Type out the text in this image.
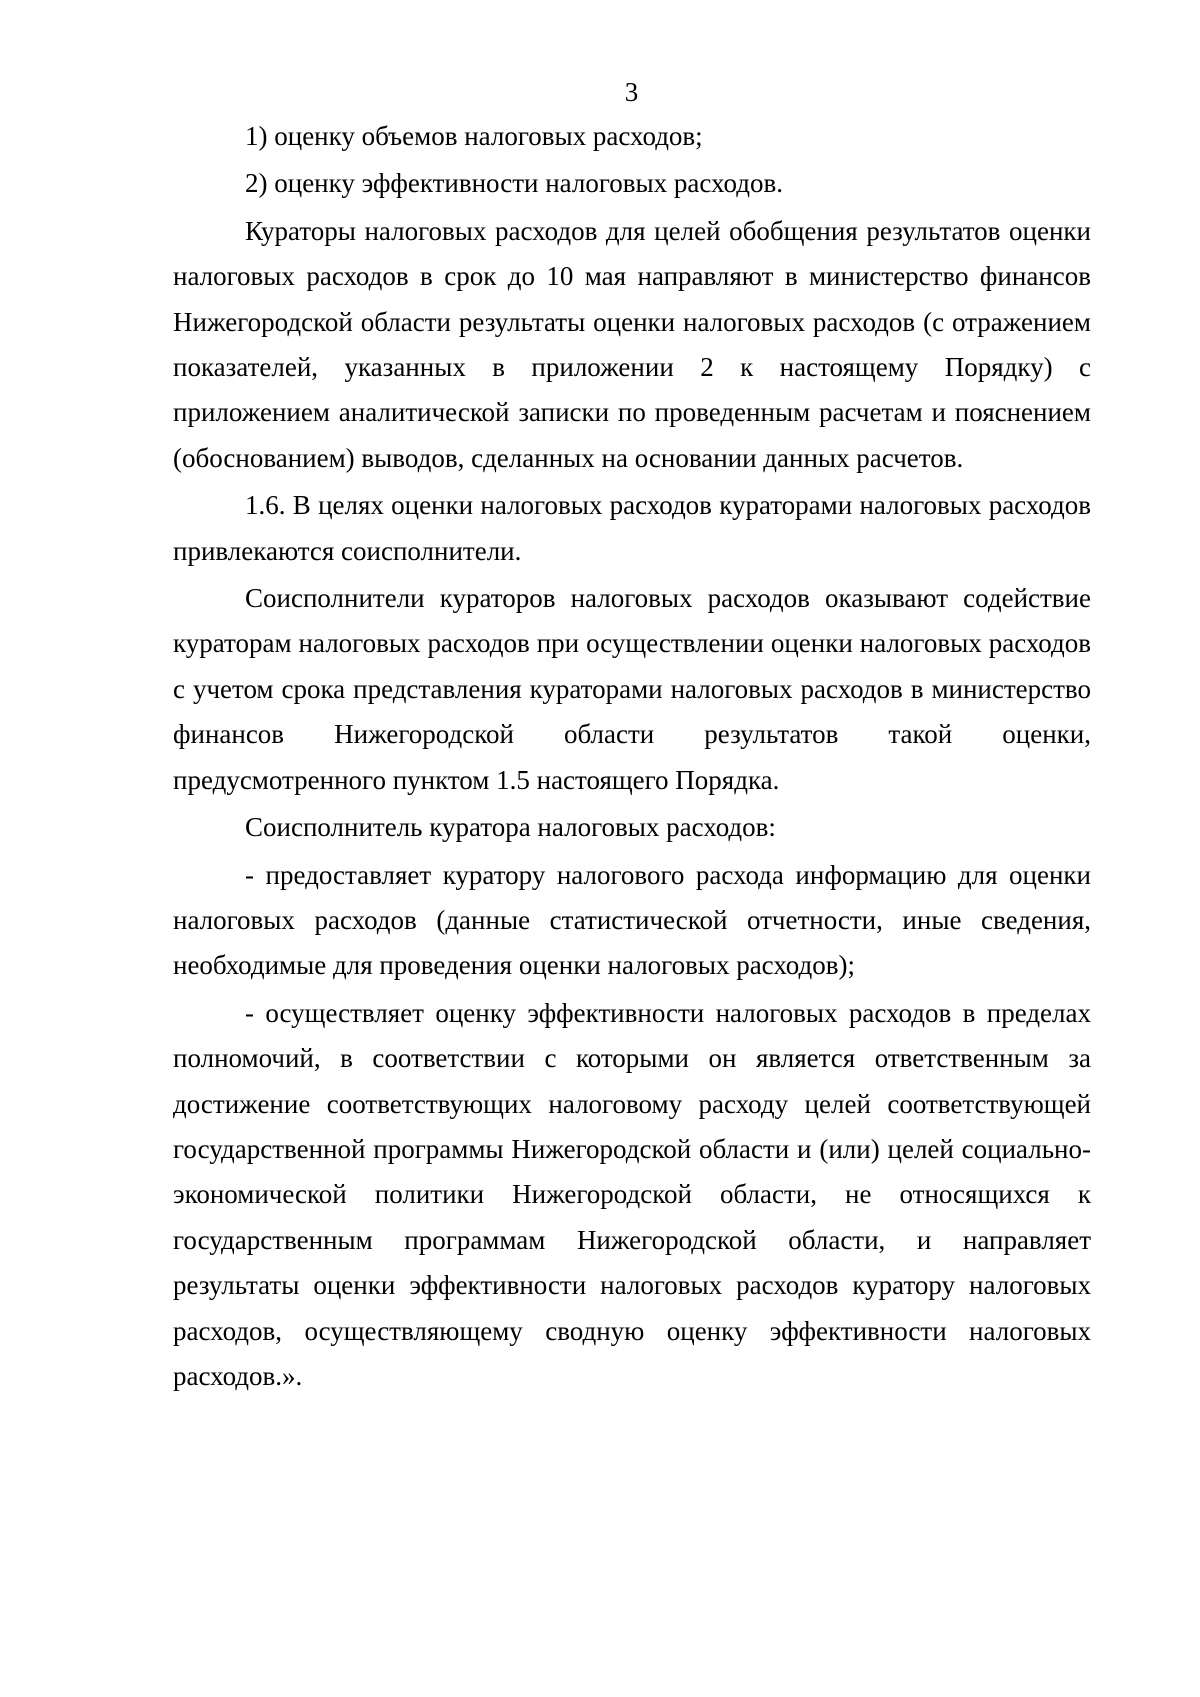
3

1) оценку объемов налоговых расходов;

2) оценку эффективности налоговых расходов.

Кураторы налоговых расходов для целей обобщения результатов оценки налоговых расходов в срок до 10 мая направляют в министерство финансов Нижегородской области результаты оценки налоговых расходов (с отражением показателей, указанных в приложении 2 к настоящему Порядку) с приложением аналитической записки по проведенным расчетам и пояснением (обоснованием) выводов, сделанных на основании данных расчетов.

1.6. В целях оценки налоговых расходов кураторами налоговых расходов привлекаются соисполнители.

Соисполнители кураторов налоговых расходов оказывают содействие кураторам налоговых расходов при осуществлении оценки налоговых расходов с учетом срока представления кураторами налоговых расходов в министерство финансов Нижегородской области результатов такой оценки, предусмотренного пунктом 1.5 настоящего Порядка.

Соисполнитель куратора налоговых расходов:

- предоставляет куратору налогового расхода информацию для оценки налоговых расходов (данные статистической отчетности, иные сведения, необходимые для проведения оценки налоговых расходов);

- осуществляет оценку эффективности налоговых расходов в пределах полномочий, в соответствии с которыми он является ответственным за достижение соответствующих налоговому расходу целей соответствующей государственной программы Нижегородской области и (или) целей социально-экономической политики Нижегородской области, не относящихся к государственным программам Нижегородской области, и направляет результаты оценки эффективности налоговых расходов куратору налоговых расходов, осуществляющему сводную оценку эффективности налоговых расходов.».
